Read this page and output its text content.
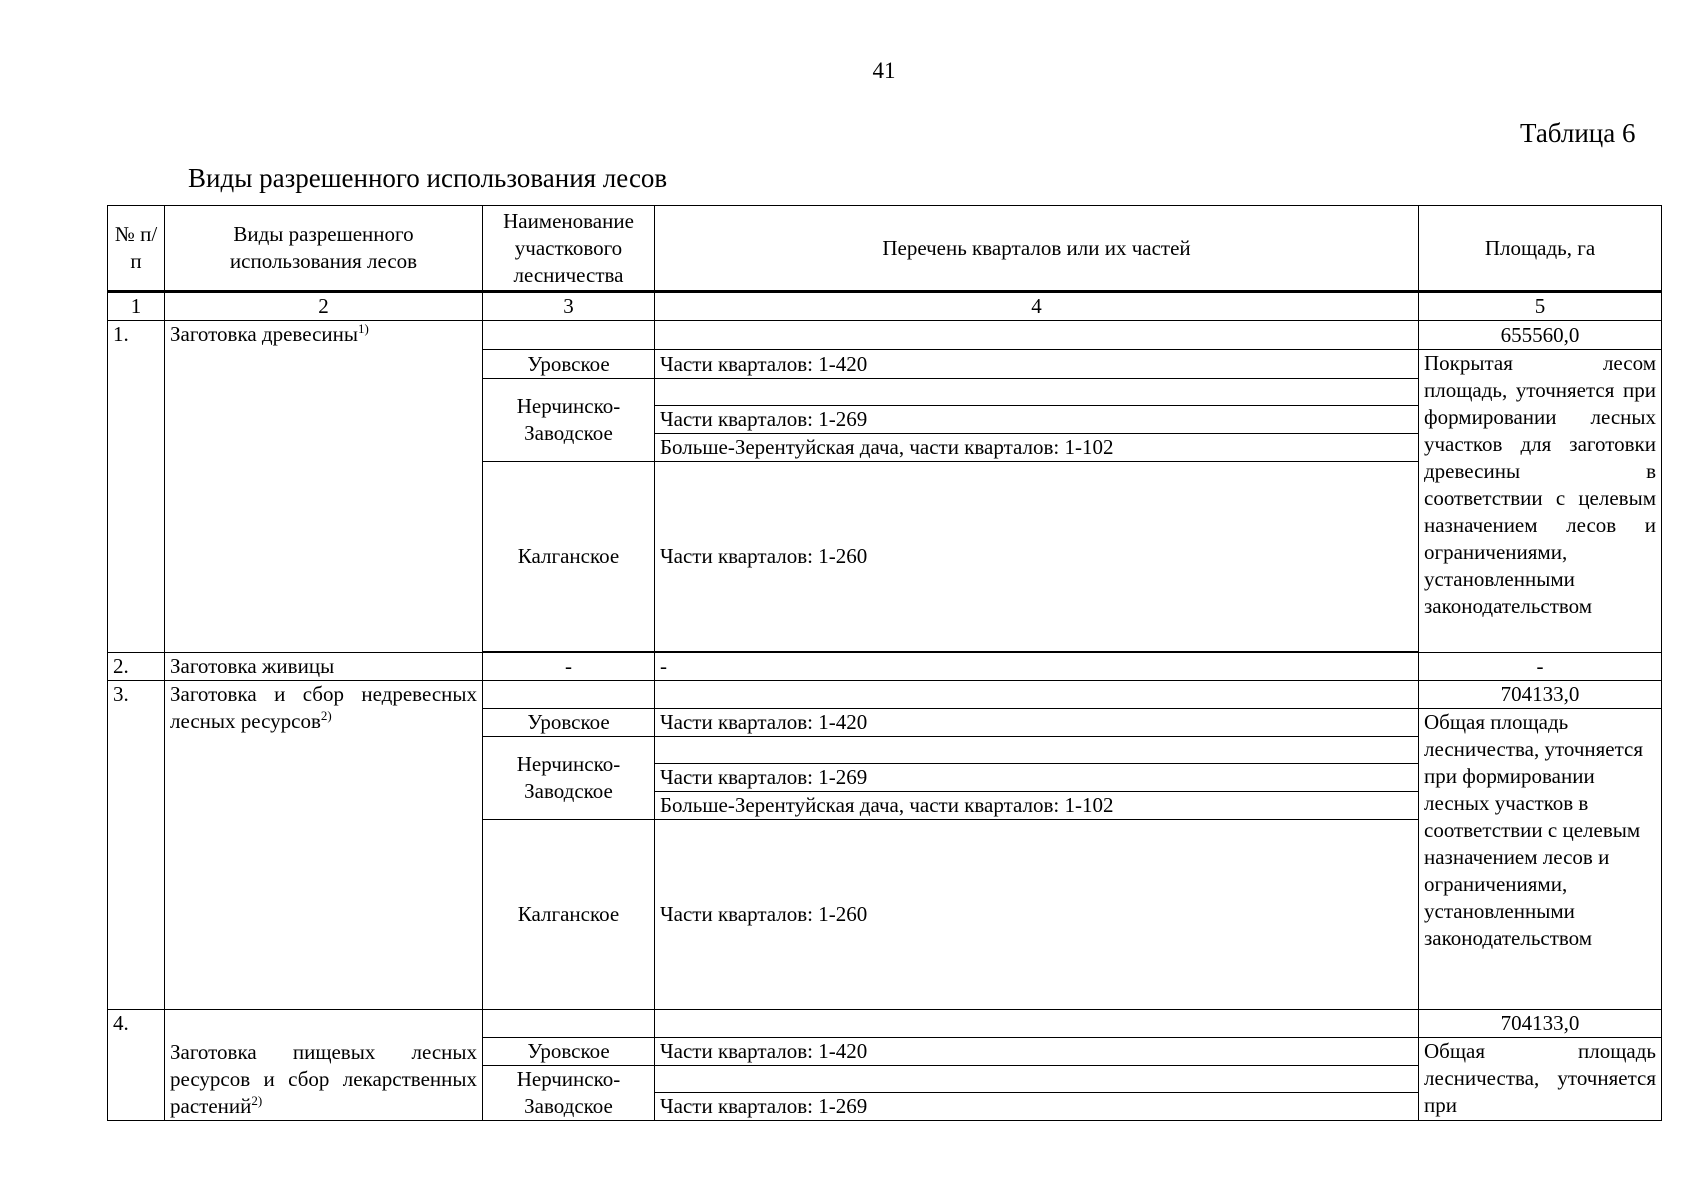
41
Таблица 6
Виды разрешенного использования лесов
№ п/п	Виды разрешенного использования лесов	Наименование участкового лесничества	Перечень кварталов или их частей	Площадь, га
1	2	3	4	5
1.	Заготовка древесины$^{1)}$			655560,0
		Уровское	Части кварталов: 1-420	Покрытая лесом площадь, уточняется при формировании лесных участков для заготовки древесины в соответствии с целевым назначением лесов и ограничениями, установленными законодательством
		Нерчинско-Заводское		
			Части кварталов: 1-269	
			Больше-Зерентуйская дача, части кварталов: 1-102	
		Калганское	Части кварталов: 1-260	

2.	Заготовка живицы	-	-	-
3.	Заготовка и сбор недревесных лесных ресурсов$^{2)}$			704133,0
		Уровское	Части кварталов: 1-420	Общая площадь лесничества, уточняется при формировании лесных участков в соответствии с целевым назначением лесов и ограничениями, установленными законодательством
		Нерчинско-Заводское		
			Части кварталов: 1-269	
			Больше-Зерентуйская дача, части кварталов: 1-102	
		Калганское	Части кварталов: 1-260	
4.	Заготовка пищевых лесных ресурсов и сбор лекарственных растений$^{2)}$			704133,0
		Уровское	Части кварталов: 1-420	Общая площадь лесничества, уточняется при
		Нерчинско-Заводское		
			Части кварталов: 1-269	
